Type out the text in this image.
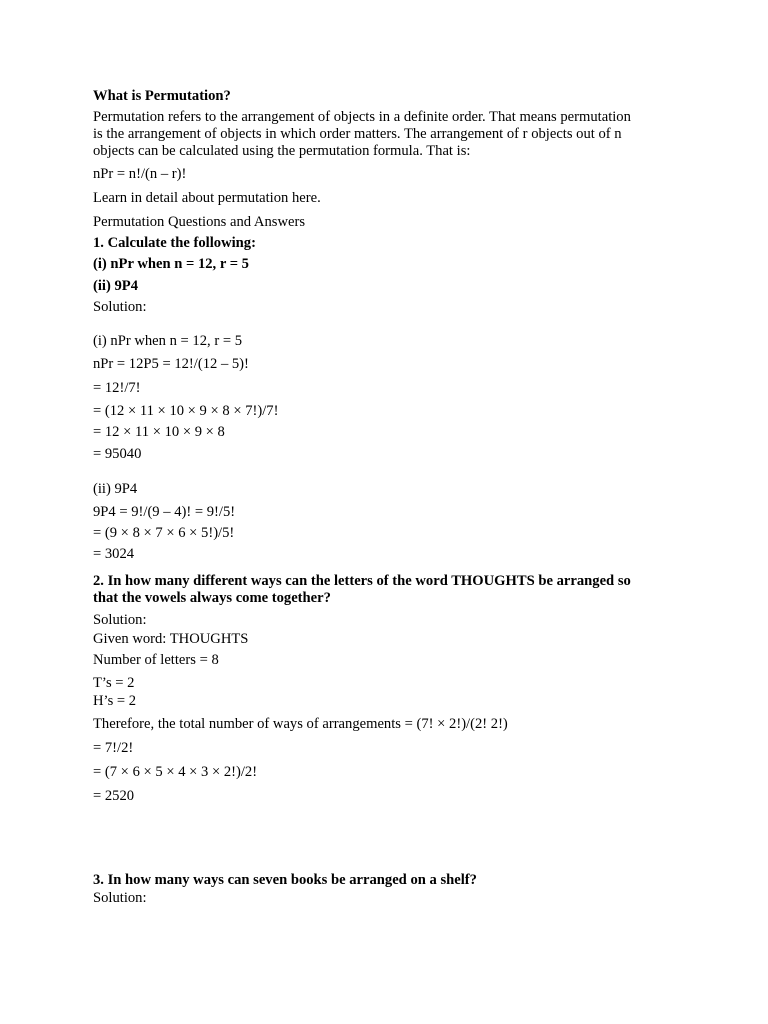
What is Permutation?

Permutation refers to the arrangement of objects in a definite order. That means permutation

is the arrangement of objects in which order matters. The arrangement of r objects out of n

objects can be calculated using the permutation formula. That is:

nPr = n!/(n – r)!

Learn in detail about permutation here.

Permutation Questions and Answers

1. Calculate the following:

(i) nPr when n = 12, r = 5

(ii) 9P4

Solution:

(i) nPr when n = 12, r = 5

nPr = 12P5 = 12!/(12 – 5)!

= 12!/7!

= (12 × 11 × 10 × 9 × 8 × 7!)/7!

= 12 × 11 × 10 × 9 × 8

= 95040

(ii) 9P4

9P4 = 9!/(9 – 4)! = 9!/5!

= (9 × 8 × 7 × 6 × 5!)/5!

= 3024

2. In how many different ways can the letters of the word THOUGHTS be arranged so

that the vowels always come together?

Solution:

Given word: THOUGHTS

Number of letters = 8

T’s = 2

H’s = 2

Therefore, the total number of ways of arrangements = (7! × 2!)/(2! 2!)

= 7!/2!

= (7 × 6 × 5 × 4 × 3 × 2!)/2!

= 2520

3. In how many ways can seven books be arranged on a shelf?

Solution:
